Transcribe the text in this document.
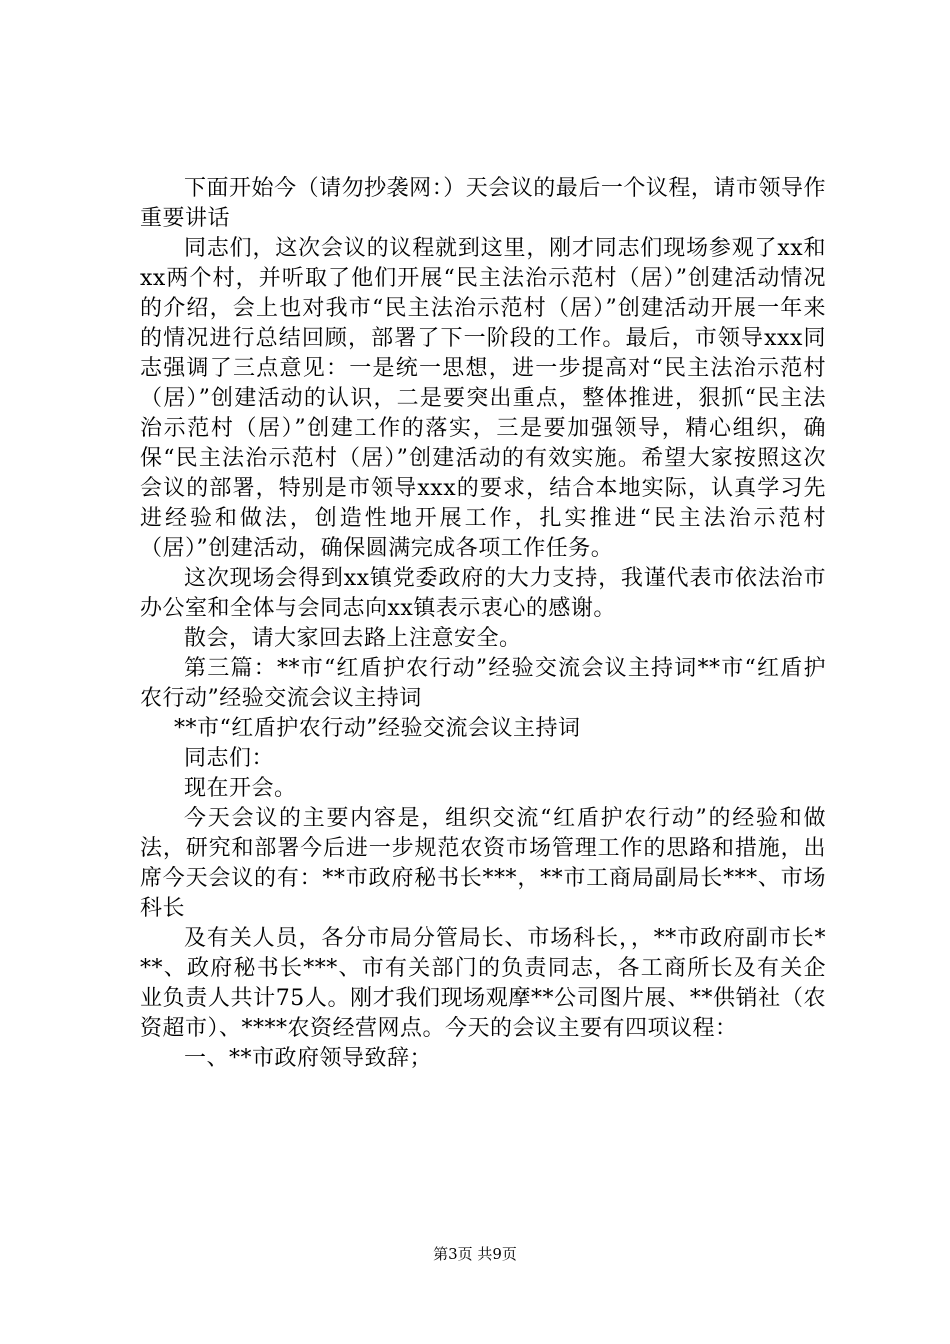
下面开始今（请勿抄袭网：）天会议的最后一个议程，请市领导作重要讲话

同志们，这次会议的议程就到这里，刚才同志们现场参观了xx和xx两个村，并听取了他们开展“民主法治示范村（居）”创建活动情况的介绍，会上也对我市“民主法治示范村（居）”创建活动开展一年来的情况进行总结回顾，部署了下一阶段的工作。最后，市领导xxx同志强调了三点意见：一是统一思想，进一步提高对“民主法治示范村（居）”创建活动的认识，二是要突出重点，整体推进，狠抓“民主法治示范村（居）”创建工作的落实，三是要加强领导，精心组织，确保“民主法治示范村（居）”创建活动的有效实施。希望大家按照这次会议的部署，特别是市领导xxx的要求，结合本地实际，认真学习先进经验和做法，创造性地开展工作，扎实推进“民主法治示范村（居）”创建活动，确保圆满完成各项工作任务。

这次现场会得到xx镇党委政府的大力支持，我谨代表市依法治市办公室和全体与会同志向xx镇表示衷心的感谢。

散会，请大家回去路上注意安全。

第三篇：**市“红盾护农行动”经验交流会议主持词**市“红盾护农行动”经验交流会议主持词

**市“红盾护农行动”经验交流会议主持词

同志们：

现在开会。

今天会议的主要内容是，组织交流“红盾护农行动”的经验和做法，研究和部署今后进一步规范农资市场管理工作的思路和措施，出席今天会议的有：**市政府秘书长***，**市工商局副局长***、市场科长

及有关人员，各分市局分管局长、市场科长，，**市政府副市长***、政府秘书长***、市有关部门的负责同志，各工商所长及有关企业负责人共计75人。刚才我们现场观摩**公司图片展、**供销社（农资超市）、****农资经营网点。今天的会议主要有四项议程：

一、**市政府领导致辞；

第3页 共9页
